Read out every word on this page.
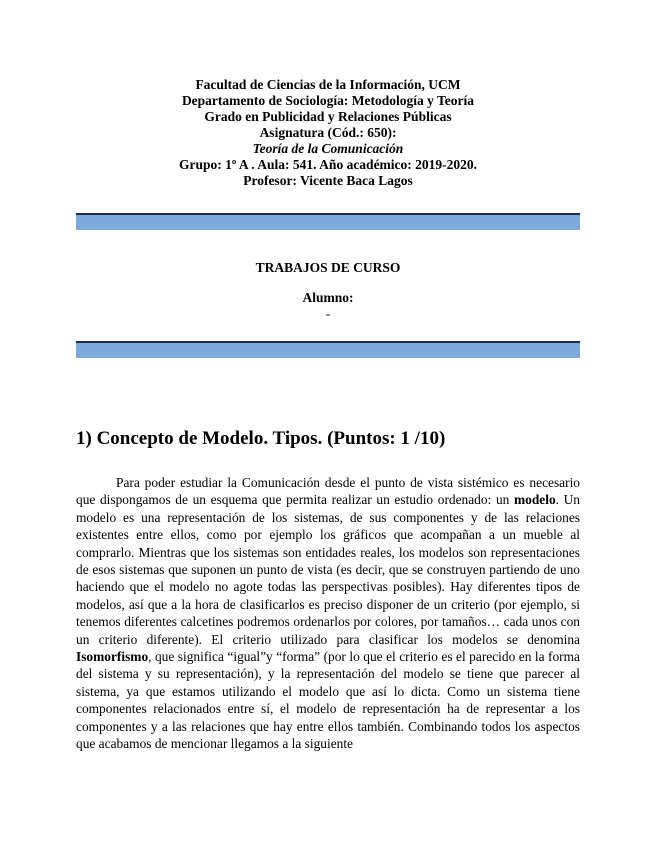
Facultad de Ciencias de la Información, UCM
Departamento de Sociología: Metodología y Teoría
Grado en Publicidad y Relaciones Públicas
Asignatura (Cód.: 650):
Teoría de la Comunicación
Grupo: 1º A . Aula: 541. Año académico: 2019-2020.
Profesor: Vicente Baca Lagos
TRABAJOS DE CURSO
Alumno:
-
1) Concepto de Modelo. Tipos. (Puntos: 1 /10)

Para poder estudiar la Comunicación desde el punto de vista sistémico es necesario que dispongamos de un esquema que permita realizar un estudio ordenado: un modelo. Un modelo es una representación de los sistemas, de sus componentes y de las relaciones existentes entre ellos, como por ejemplo los gráficos que acompañan a un mueble al comprarlo. Mientras que los sistemas son entidades reales, los modelos son representaciones de esos sistemas que suponen un punto de vista (es decir, que se construyen partiendo de uno haciendo que el modelo no agote todas las perspectivas posibles). Hay diferentes tipos de modelos, así que a la hora de clasificarlos es preciso disponer de un criterio (por ejemplo, si tenemos diferentes calcetines podremos ordenarlos por colores, por tamaños… cada unos con un criterio diferente). El criterio utilizado para clasificar los modelos se denomina Isomorfismo, que significa “igual”y “forma” (por lo que el criterio es el parecido en la forma del sistema y su representación), y la representación del modelo se tiene que parecer al sistema, ya que estamos utilizando el modelo que así lo dicta. Como un sistema tiene componentes relacionados entre sí, el modelo de representación ha de representar a los componentes y a las relaciones que hay entre ellos también. Combinando todos los aspectos que acabamos de mencionar llegamos a la siguiente
